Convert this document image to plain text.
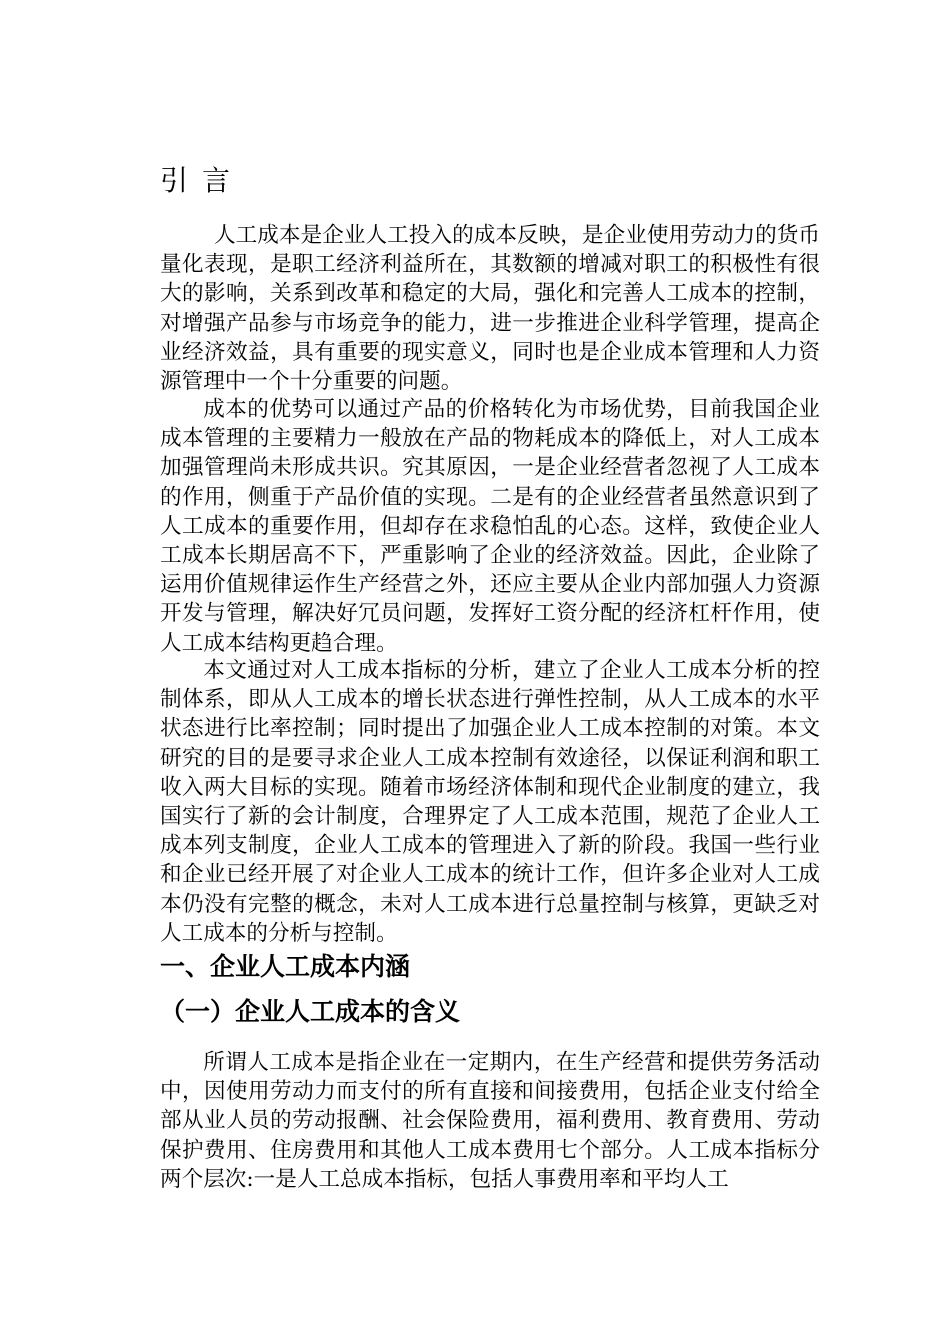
引言

人工成本是企业人工投入的成本反映，是企业使用劳动力的货币量化表现，是职工经济利益所在，其数额的增减对职工的积极性有很大的影响，关系到改革和稳定的大局，强化和完善人工成本的控制，对增强产品参与市场竞争的能力，进一步推进企业科学管理，提高企业经济效益，具有重要的现实意义，同时也是企业成本管理和人力资源管理中一个十分重要的问题。

成本的优势可以通过产品的价格转化为市场优势，目前我国企业成本管理的主要精力一般放在产品的物耗成本的降低上，对人工成本加强管理尚未形成共识。究其原因，一是企业经营者忽视了人工成本的作用，侧重于产品价值的实现。二是有的企业经营者虽然意识到了人工成本的重要作用，但却存在求稳怕乱的心态。这样，致使企业人工成本长期居高不下，严重影响了企业的经济效益。因此，企业除了运用价值规律运作生产经营之外，还应主要从企业内部加强人力资源开发与管理，解决好冗员问题，发挥好工资分配的经济杠杆作用，使人工成本结构更趋合理。

本文通过对人工成本指标的分析，建立了企业人工成本分析的控制体系，即从人工成本的增长状态进行弹性控制，从人工成本的水平状态进行比率控制；同时提出了加强企业人工成本控制的对策。本文研究的目的是要寻求企业人工成本控制有效途径，以保证利润和职工收入两大目标的实现。随着市场经济体制和现代企业制度的建立，我国实行了新的会计制度，合理界定了人工成本范围，规范了企业人工成本列支制度，企业人工成本的管理进入了新的阶段。我国一些行业和企业已经开展了对企业人工成本的统计工作，但许多企业对人工成本仍没有完整的概念，未对人工成本进行总量控制与核算，更缺乏对人工成本的分析与控制。

一、企业人工成本内涵
（一）企业人工成本的含义

所谓人工成本是指企业在一定期内，在生产经营和提供劳务活动中，因使用劳动力而支付的所有直接和间接费用，包括企业支付给全部从业人员的劳动报酬、社会保险费用，福利费用、教育费用、劳动保护费用、住房费用和其他人工成本费用七个部分。人工成本指标分两个层次:一是人工总成本指标，包括人事费用率和平均人工
